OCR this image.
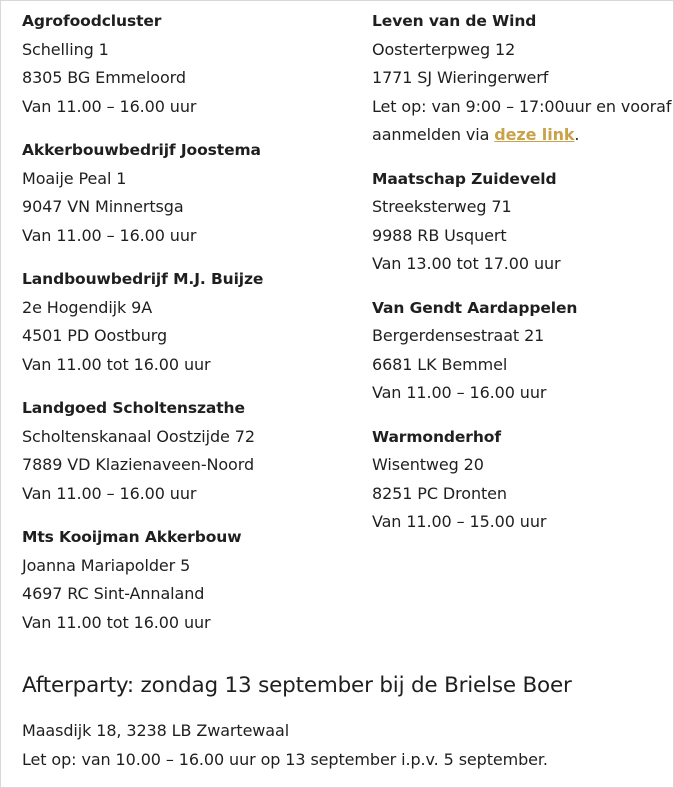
Agrofoodcluster

Schelling 1

8305 BG Emmeloord

Van 11.00 – 16.00 uur

Akkerbouwbedrijf Joostema

Moaije Peal 1

9047 VN Minnertsga

Van 11.00 – 16.00 uur

Landbouwbedrijf M.J. Buijze

2e Hogendijk 9A

4501 PD Oostburg

Van 11.00 tot 16.00 uur

Landgoed Scholtenszathe

Scholtenskanaal Oostzijde 72

7889 VD Klazienaveen-Noord

Van 11.00 – 16.00 uur

Mts Kooijman Akkerbouw

Joanna Mariapolder 5

4697 RC Sint-Annaland

Van 11.00 tot 16.00 uur

Leven van de Wind

Oosterterpweg 12

1771 SJ Wieringerwerf

Let op: van 9:00 – 17:00uur en vooraf

aanmelden via deze link.

Maatschap Zuideveld

Streeksterweg 71

9988 RB Usquert

Van 13.00 tot 17.00 uur

Van Gendt Aardappelen

Bergerdensestraat 21

6681 LK Bemmel

Van 11.00 – 16.00 uur

Warmonderhof

Wisentweg 20

8251 PC Dronten

Van 11.00 – 15.00 uur

Afterparty: zondag 13 september bij de Brielse Boer

Maasdijk 18, 3238 LB Zwartewaal

Let op: van 10.00 – 16.00 uur op 13 september i.p.v. 5 september.
